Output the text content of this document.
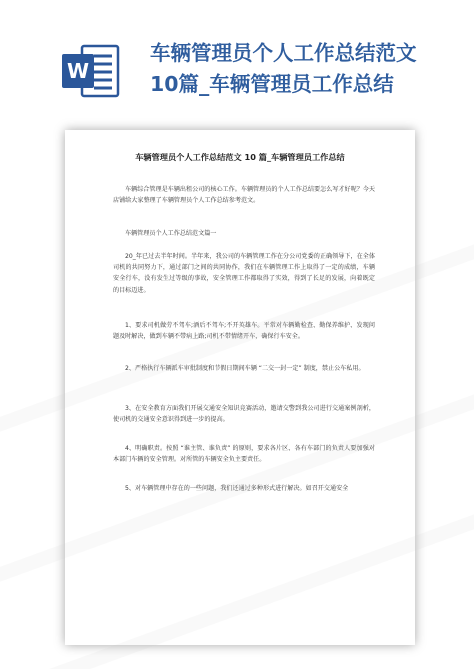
W
车辆管理员个人工作总结范文
10篇_车辆管理员工作总结
车辆管理员个人工作总结范文 10 篇_车辆管理员工作总结

车辆综合管理是车辆出租公司的核心工作。车辆管理员的个人工作总结要怎么写才好呢？今天店铺给大家整理了车辆管理员个人工作总结参考范文。

车辆管理员个人工作总结范文篇一

20_年已过去半年时间。半年来，我公司的车辆管理工作在分公司党委的正确领导下，在全体司机的共同努力下，通过部门之间的共同协作，我们在车辆管理工作上取得了一定的成绩，车辆安全行车，没有发生过等级的事故，安全管理工作都取得了实效，得到了长足的发展，向着既定的目标迈进。

1、要求司机做劳不驾车;酒后不驾车;不开英雄车。平常对车辆勤检查、勤保养维护、发现问题及时解决，做到车辆不带病上路;司机不带情绪开车，确保行车安全。

2、严格执行车辆派车审批制度和节假日期间车辆 “二交一封一定” 制度，禁止公车私用。

3、在安全教育方面我们开展交通安全知识竞赛活动，邀请交警到我公司进行交通案例剖析，使司机的交通安全意识得到进一步的提高。

4、明确职责。按照 “谁主管、谁负责” 的原则，要求各片区、各有车部门的负责人要加强对本部门车辆的安全管理。对所管的车辆安全负主要责任。

5、对车辆管理中存在的一些问题，我们还通过多种形式进行解决。如召开交通安全
